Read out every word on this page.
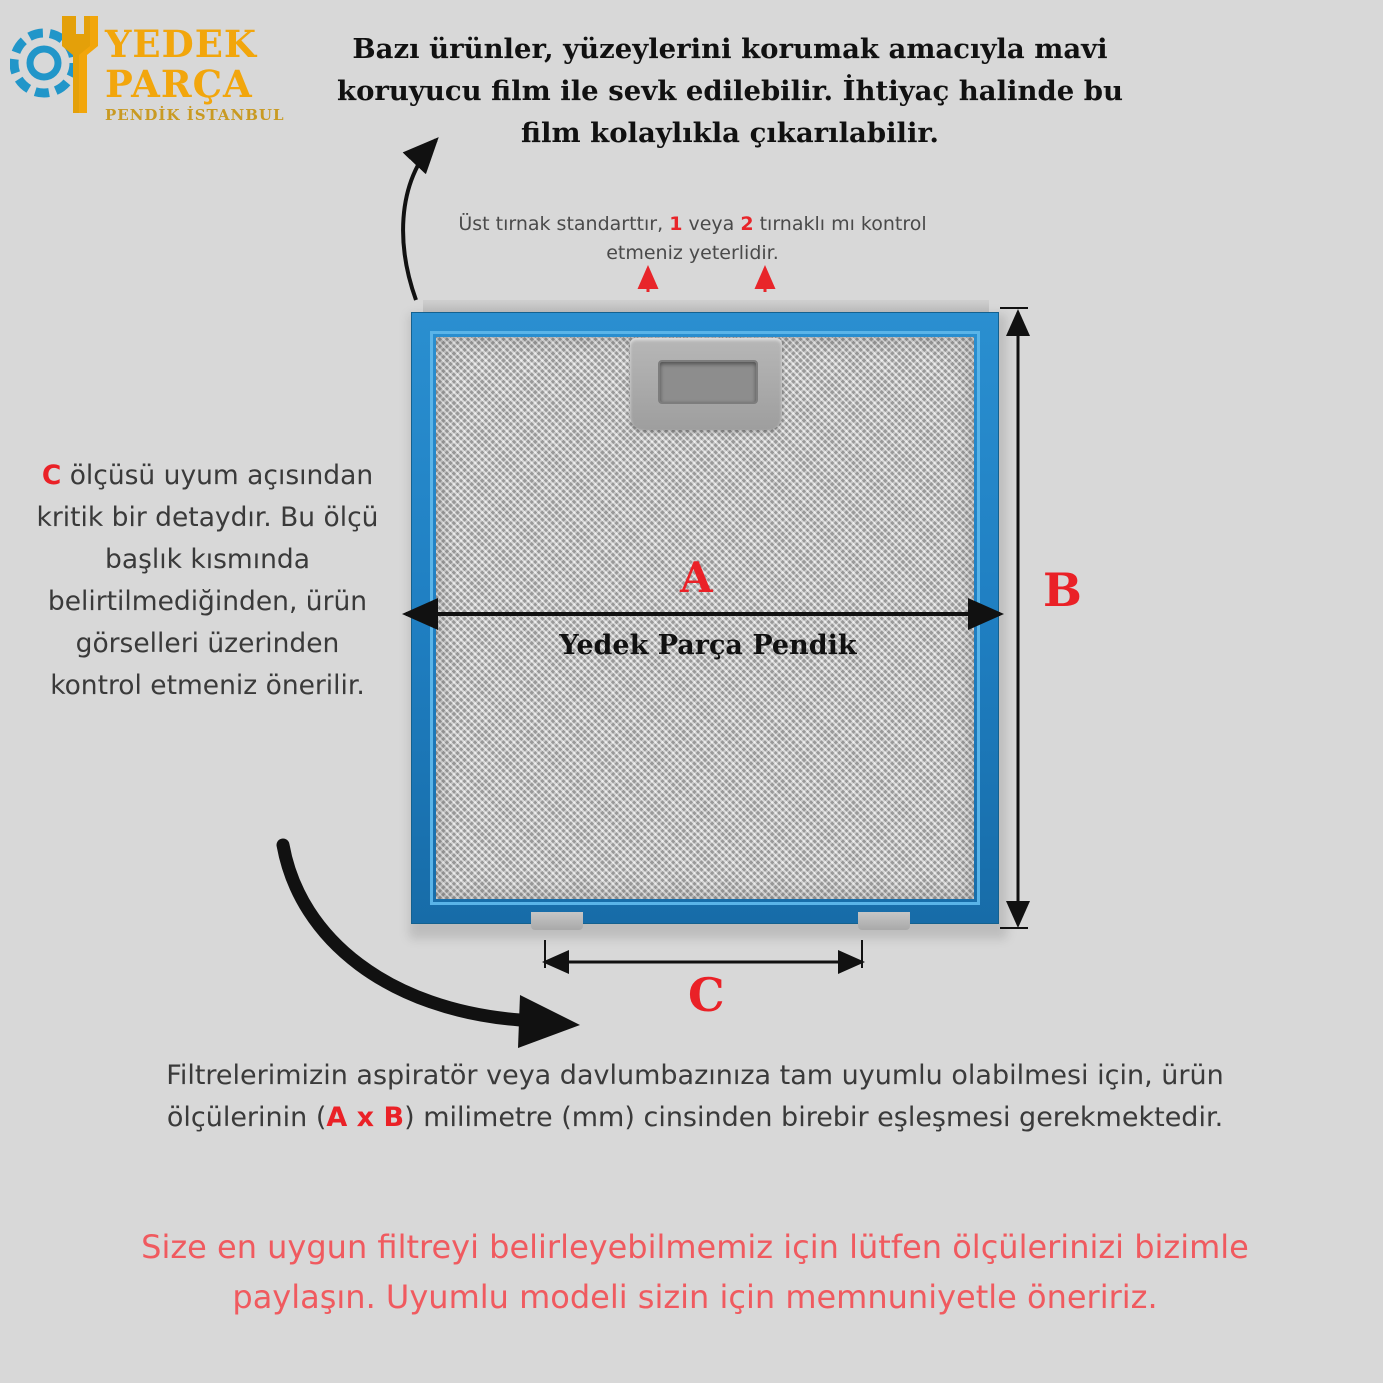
YEDEK
PARÇA
PENDİK İSTANBUL
Bazı ürünler, yüzeylerini korumak amacıyla mavi koruyucu film ile sevk edilebilir. İhtiyaç halinde bu film kolaylıkla çıkarılabilir.
Üst tırnak standarttır, 1 veya 2 tırnaklı mı kontrol etmeniz yeterlidir.
Yedek Parça Pendik
A	B
C
C ölçüsü uyum açısından kritik bir detaydır. Bu ölçü başlık kısmında belirtilmediğinden, ürün görselleri üzerinden kontrol etmeniz önerilir.
Filtrelerimizin aspiratör veya davlumbazınıza tam uyumlu olabilmesi için, ürün ölçülerinin (A x B) milimetre (mm) cinsinden birebir eşleşmesi gerekmektedir.
Size en uygun filtreyi belirleyebilmemiz için lütfen ölçülerinizi bizimle paylaşın. Uyumlu modeli sizin için memnuniyetle öneririz.
